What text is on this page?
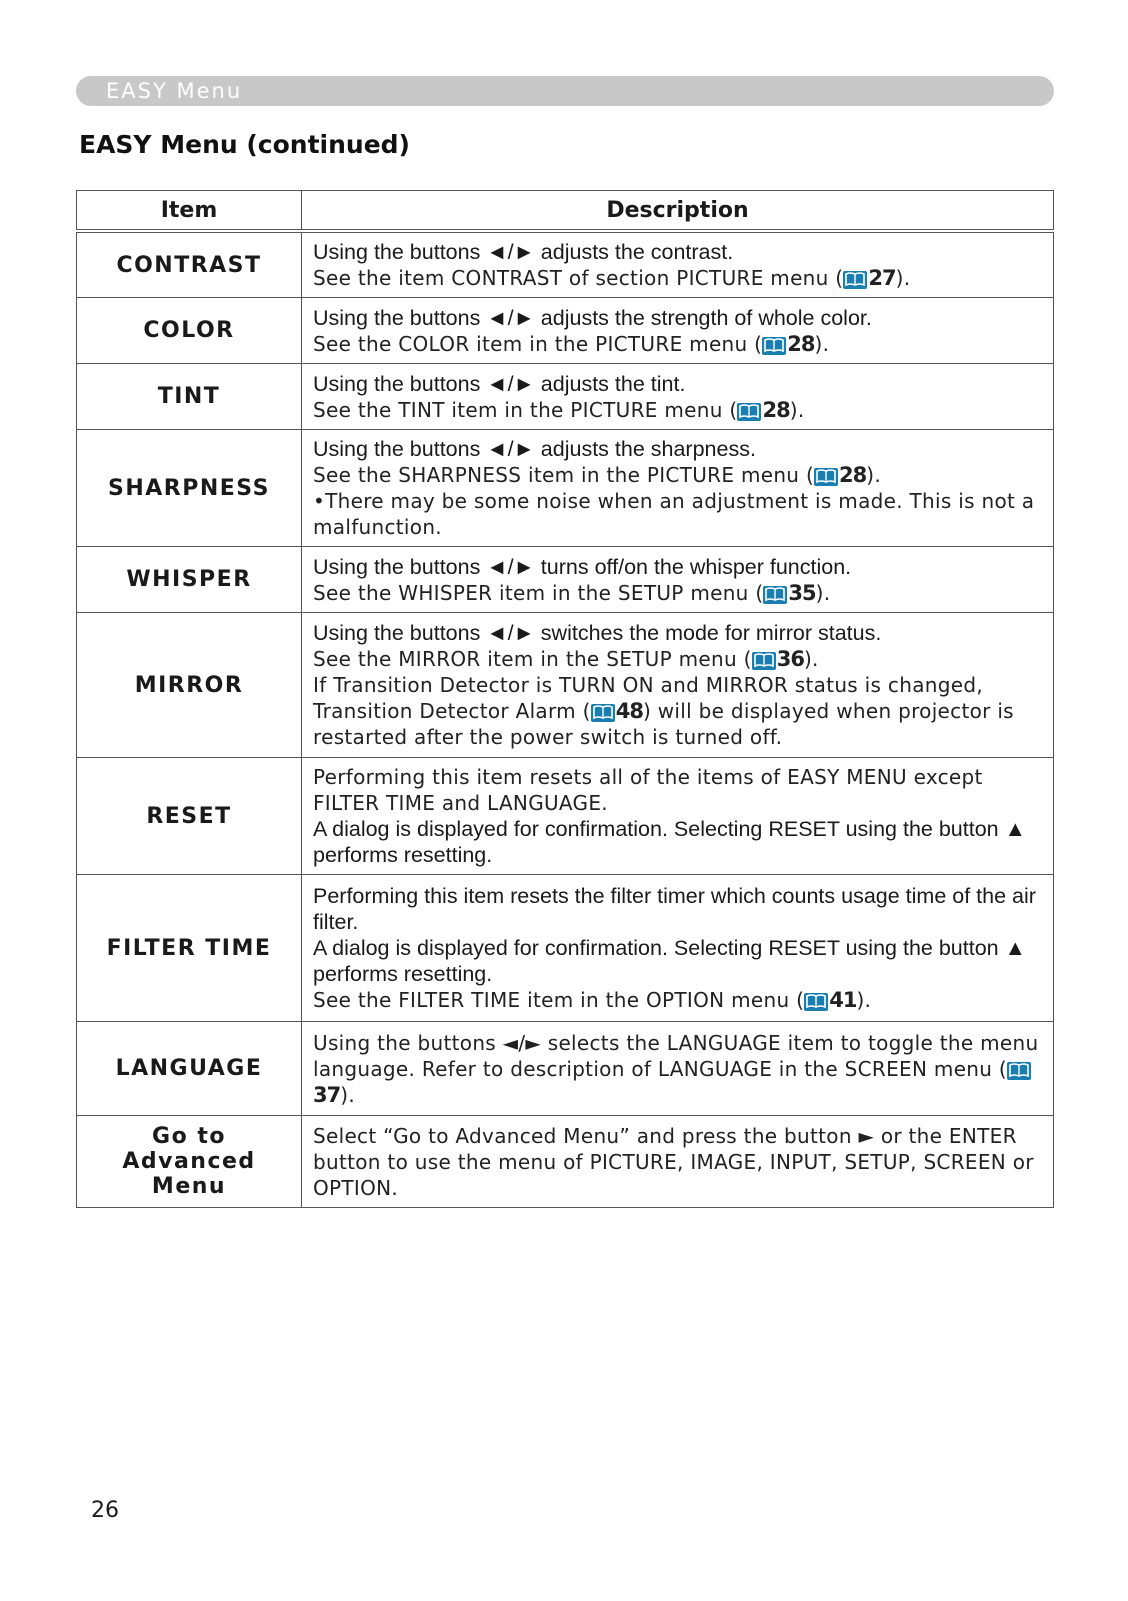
EASY Menu
EASY Menu (continued)
Item	Description
CONTRAST	Using the buttons ◄/► adjusts the contrast.

See the item CONTRAST of section PICTURE menu ( 27).

COLOR	Using the buttons ◄/► adjusts the strength of whole color.

See the COLOR item in the PICTURE menu ( 28).

TINT	Using the buttons ◄/► adjusts the tint.

See the TINT item in the PICTURE menu ( 28).

SHARPNESS	Using the buttons ◄/► adjusts the sharpness.

See the SHARPNESS item in the PICTURE menu ( 28).

•There may be some noise when an adjustment is made. This is not a malfunction.

WHISPER	Using the buttons ◄/► turns off/on the whisper function.

See the WHISPER item in the SETUP menu ( 35).

MIRROR	Using the buttons ◄/► switches the mode for mirror status.

See the MIRROR item in the SETUP menu ( 36).

If Transition Detector is TURN ON and MIRROR status is changed, Transition Detector Alarm ( 48) will be displayed when projector is restarted after the power switch is turned off.

RESET	Performing this item resets all of the items of EASY MENU except FILTER TIME and LANGUAGE.

A dialog is displayed for confirmation. Selecting RESET using the button ▲ performs resetting.

FILTER TIME	Performing this item resets the filter timer which counts usage time of the air filter.

A dialog is displayed for confirmation. Selecting RESET using the button ▲ performs resetting.

See the FILTER TIME item in the OPTION menu ( 41).

LANGUAGE	Using the buttons ◄/► selects the LANGUAGE item to toggle the menu language. Refer to description of LANGUAGE in the SCREEN menu (37).

Go to
Advanced Menu	Select “Go to Advanced Menu” and press the button ► or the ENTER button to use the menu of PICTURE, IMAGE, INPUT, SETUP, SCREEN or OPTION.

26
